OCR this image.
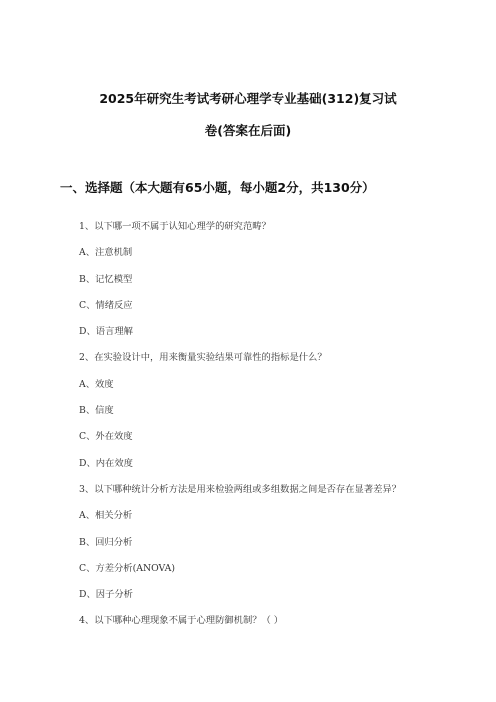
2025年研究生考试考研心理学专业基础(312)复习试
卷(答案在后面)
一、选择题（本大题有65小题，每小题2分，共130分）
1、以下哪一项不属于认知心理学的研究范畴？
A、注意机制
B、记忆模型
C、情绪反应
D、语言理解
2、在实验设计中，用来衡量实验结果可靠性的指标是什么？
A、效度
B、信度
C、外在效度
D、内在效度
3、以下哪种统计分析方法是用来检验两组或多组数据之间是否存在显著差异？
A、相关分析
B、回归分析
C、方差分析(ANOVA)
D、因子分析
4、以下哪种心理现象不属于心理防御机制？（ ）
